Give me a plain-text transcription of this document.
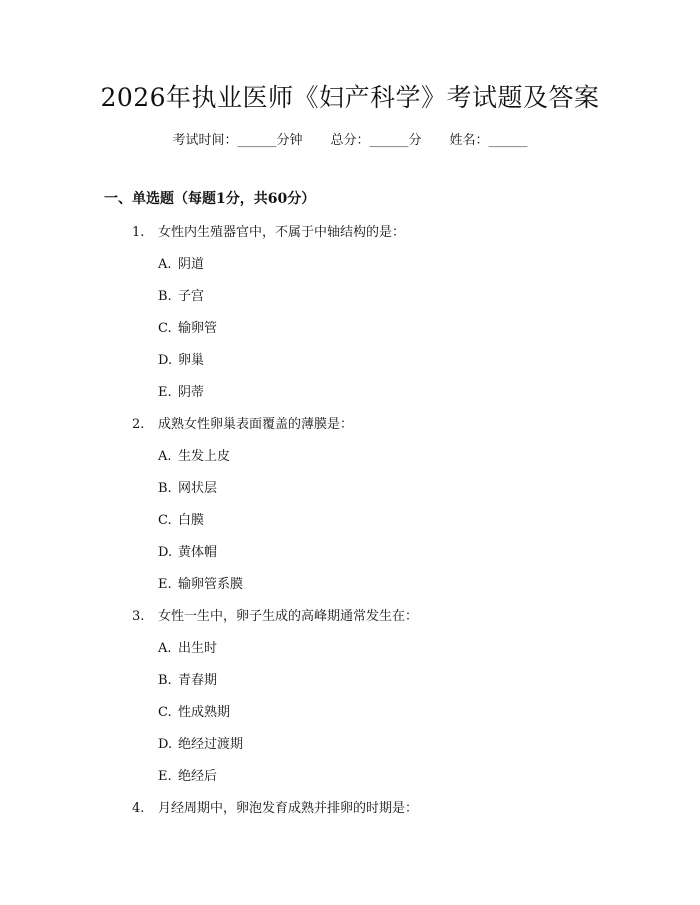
2026年执业医师《妇产科学》考试题及答案
考试时间：______分钟 总分：______分 姓名：______
一、单选题（每题1分，共60分）
1. 女性内生殖器官中，不属于中轴结构的是：
A. 阴道
B. 子宫
C. 输卵管
D. 卵巢
E. 阴蒂
2. 成熟女性卵巢表面覆盖的薄膜是：
A. 生发上皮
B. 网状层
C. 白膜
D. 黄体帽
E. 输卵管系膜
3. 女性一生中，卵子生成的高峰期通常发生在：
A. 出生时
B. 青春期
C. 性成熟期
D. 绝经过渡期
E. 绝经后
4. 月经周期中，卵泡发育成熟并排卵的时期是：
